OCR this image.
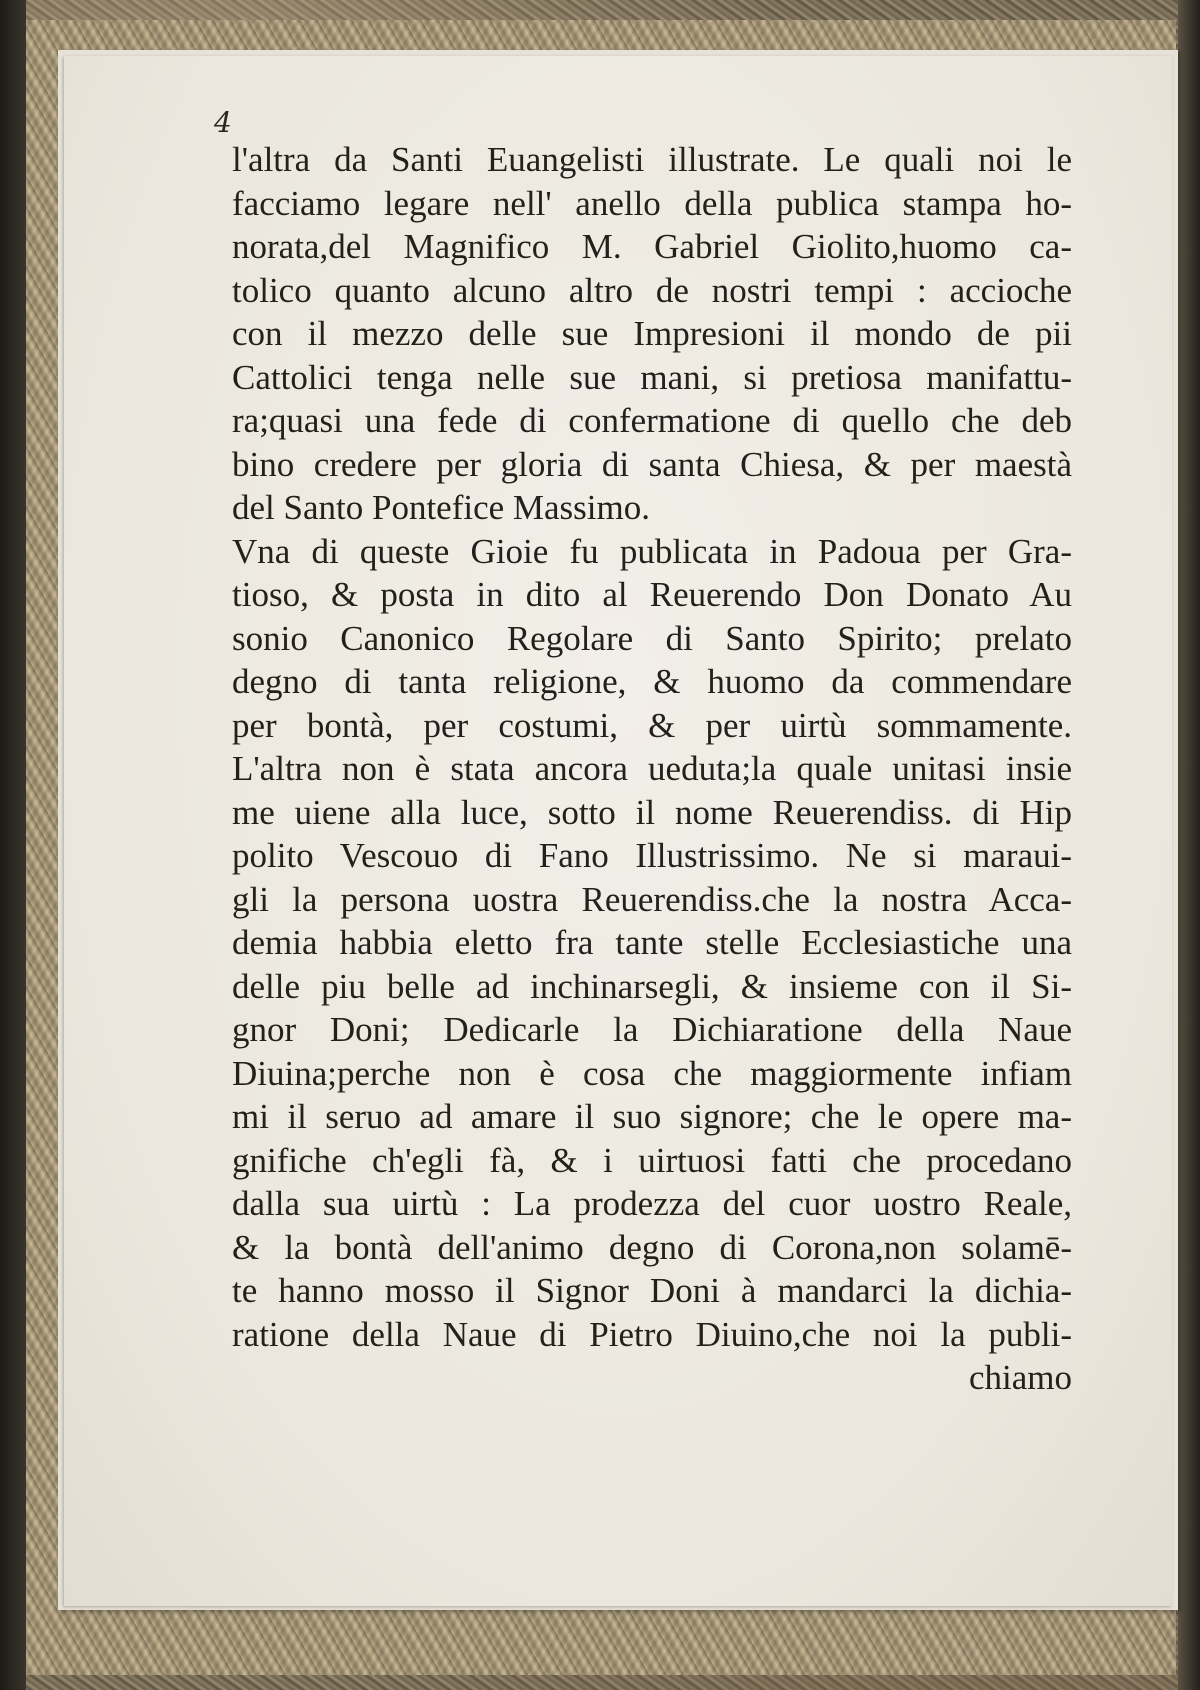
4
l'altra da Santi Euangelisti illustrate. Le quali noi le
facciamo legare nell' anello della publica stampa ho-
norata,del Magnifico M. Gabriel Giolito,huomo ca-
tolico quanto alcuno altro de nostri tempi : accioche
con il mezzo delle sue Impresioni il mondo de pii
Cattolici tenga nelle sue mani, si pretiosa manifattu-
ra;quasi una fede di confermatione di quello che deb
bino credere per gloria di santa Chiesa, & per maestà
del Santo Pontefice Massimo.
Vna di queste Gioie fu publicata in Padoua per Gra-
tioso, & posta in dito al Reuerendo Don Donato Au
sonio Canonico Regolare di Santo Spirito; prelato
degno di tanta religione, & huomo da commendare
per bontà, per costumi, & per uirtù sommamente.
L'altra non è stata ancora ueduta;la quale unitasi insie
me uiene alla luce, sotto il nome Reuerendiss. di Hip
polito Vescouo di Fano Illustrissimo. Ne si maraui-
gli la persona uostra Reuerendiss.che la nostra Acca-
demia habbia eletto fra tante stelle Ecclesiastiche una
delle piu belle ad inchinarsegli, & insieme con il Si-
gnor Doni; Dedicarle la Dichiaratione della Naue
Diuina;perche non è cosa che maggiormente infiam
mi il seruo ad amare il suo signore; che le opere ma-
gnifiche ch'egli fà, & i uirtuosi fatti che procedano
dalla sua uirtù : La prodezza del cuor uostro Reale,
& la bontà dell'animo degno di Corona,non solamē-
te hanno mosso il Signor Doni à mandarci la dichia-
ratione della Naue di Pietro Diuino,che noi la publi-
chiamo
